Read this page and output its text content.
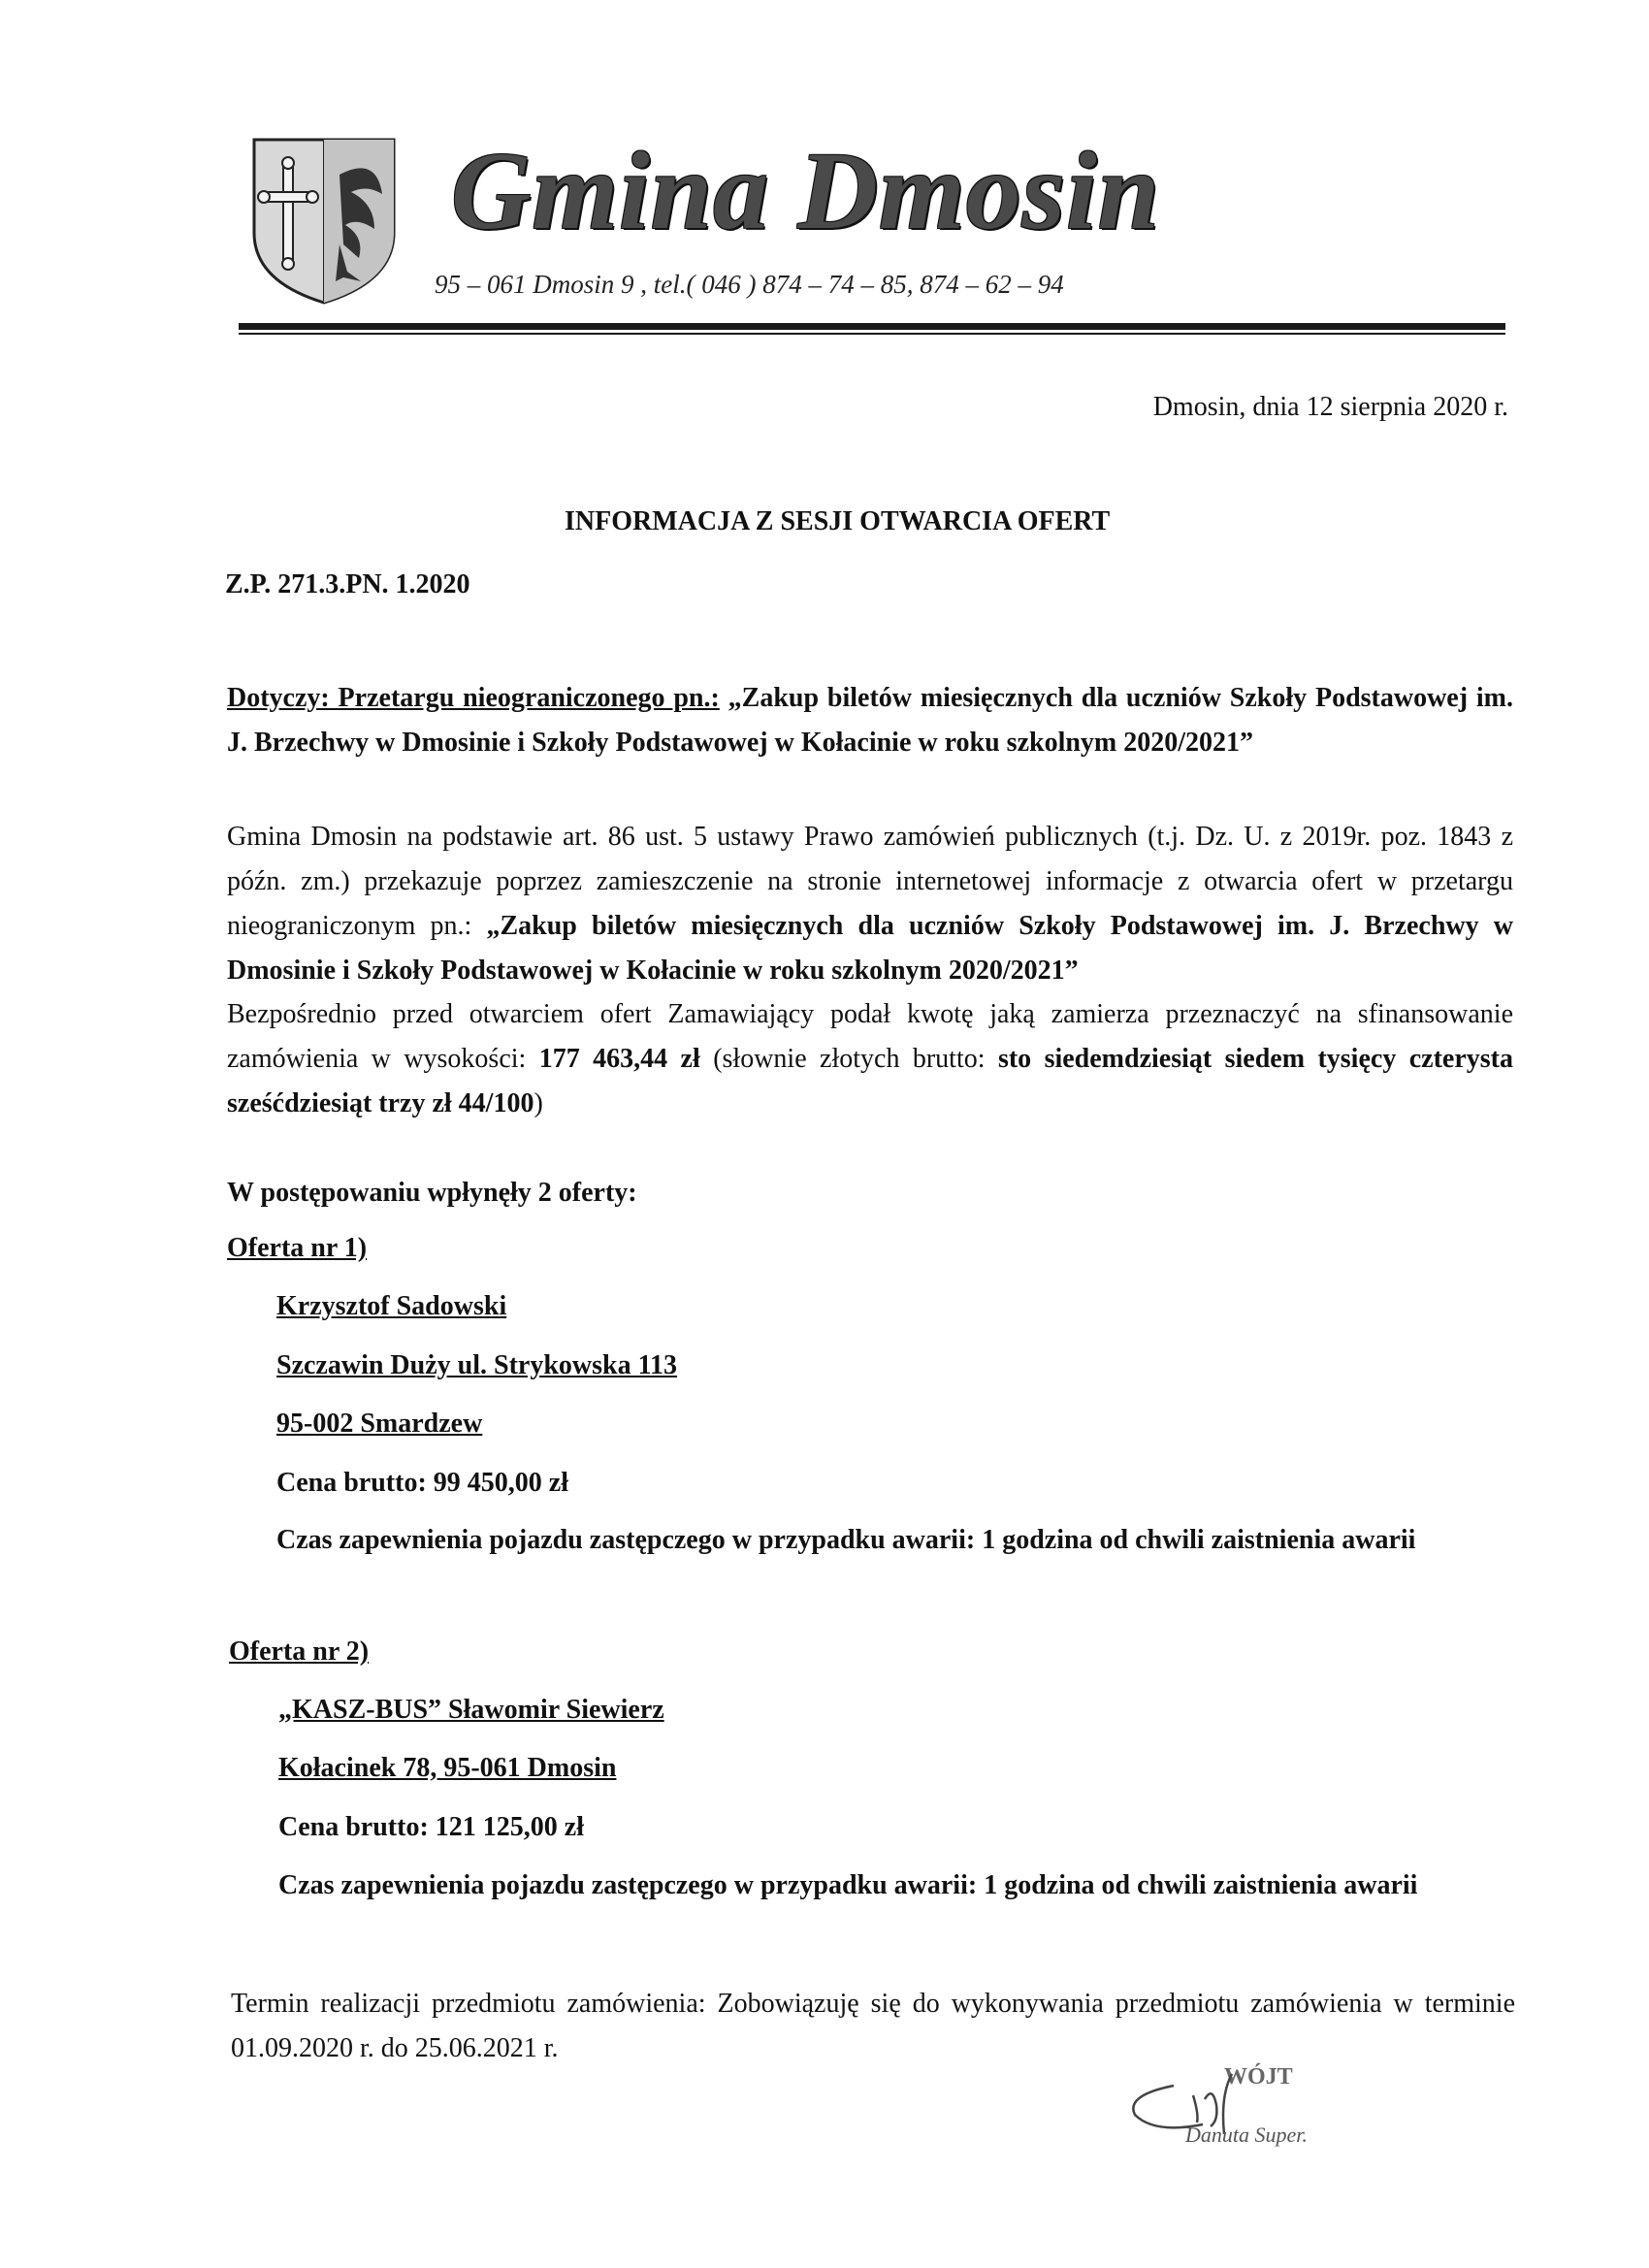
Gmina Dmosin
95 – 061 Dmosin 9 , tel.( 046 ) 874 – 74 – 85, 874 – 62 – 94
Dmosin, dnia 12 sierpnia 2020 r.
INFORMACJA Z SESJI OTWARCIA OFERT
Z.P. 271.3.PN. 1.2020

Dotyczy: Przetargu nieograniczonego pn.: „Zakup biletów miesięcznych dla uczniów Szkoły Podstawowej im. J. Brzechwy w Dmosinie i Szkoły Podstawowej w Kołacinie w roku szkolnym 2020/2021”

Gmina Dmosin na podstawie art. 86 ust. 5 ustawy Prawo zamówień publicznych (t.j. Dz. U. z 2019r. poz. 1843 z późn. zm.) przekazuje poprzez zamieszczenie na stronie internetowej informacje z otwarcia ofert w przetargu nieograniczonym pn.: „Zakup biletów miesięcznych dla uczniów Szkoły Podstawowej im. J. Brzechwy w Dmosinie i Szkoły Podstawowej w Kołacinie w roku szkolnym 2020/2021”

Bezpośrednio przed otwarciem ofert Zamawiający podał kwotę jaką zamierza przeznaczyć na sfinansowanie zamówienia w wysokości: 177 463,44 zł (słownie złotych brutto: sto siedemdziesiąt siedem tysięcy czterysta sześćdziesiąt trzy zł 44/100)

W postępowaniu wpłynęły 2 oferty:
Oferta nr 1)
Krzysztof Sadowski
Szczawin Duży ul. Strykowska 113
95-002 Smardzew
Cena brutto: 99 450,00 zł
Czas zapewnienia pojazdu zastępczego w przypadku awarii: 1 godzina od chwili zaistnienia awarii
Oferta nr 2)
„KASZ-BUS” Sławomir Siewierz
Kołacinek 78, 95-061 Dmosin
Cena brutto: 121 125,00 zł
Czas zapewnienia pojazdu zastępczego w przypadku awarii: 1 godzina od chwili zaistnienia awarii

Termin realizacji przedmiotu zamówienia: Zobowiązuję się do wykonywania przedmiotu zamówienia w terminie 01.09.2020 r. do 25.06.2021 r.

WÓJT
Danuta Super.
